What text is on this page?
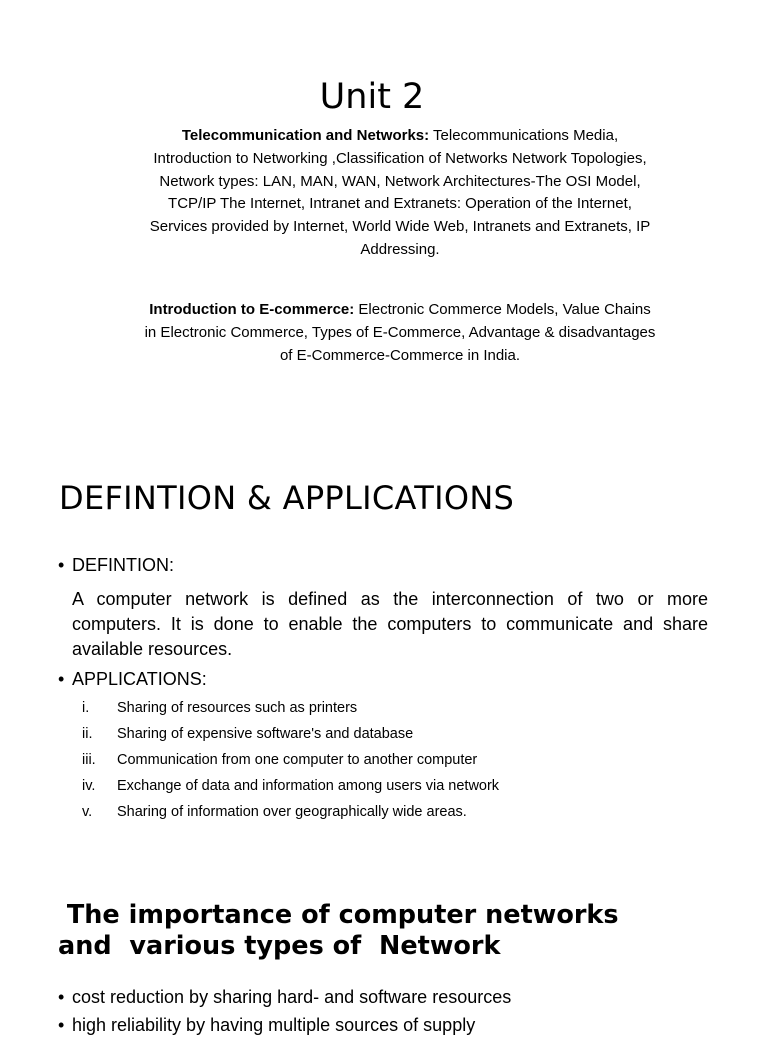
Unit 2
Telecommunication and Networks: Telecommunications Media,
Introduction to Networking ,Classification of Networks Network Topologies,
Network types: LAN, MAN, WAN, Network Architectures-The OSI Model,
TCP/IP The Internet, Intranet and Extranets: Operation of the Internet,
Services provided by Internet, World Wide Web, Intranets and Extranets, IP
Addressing.
Introduction to E-commerce: Electronic Commerce Models, Value Chains
in Electronic Commerce, Types of E-Commerce, Advantage & disadvantages
of E-Commerce-Commerce in India.
DEFINTION & APPLICATIONS
• DEFINTION:
A computer network is defined as the interconnection of two or more computers. It is done to enable the computers to communicate and share available resources.
• APPLICATIONS:
i. Sharing of resources such as printers
ii. Sharing of expensive software's and database
iii. Communication from one computer to another computer
iv. Exchange of data and information among users via network
v. Sharing of information over geographically wide areas.
The importance of computer networks
and  various types of  Network
• cost reduction by sharing hard- and software resources
• high reliability by having multiple sources of supply
